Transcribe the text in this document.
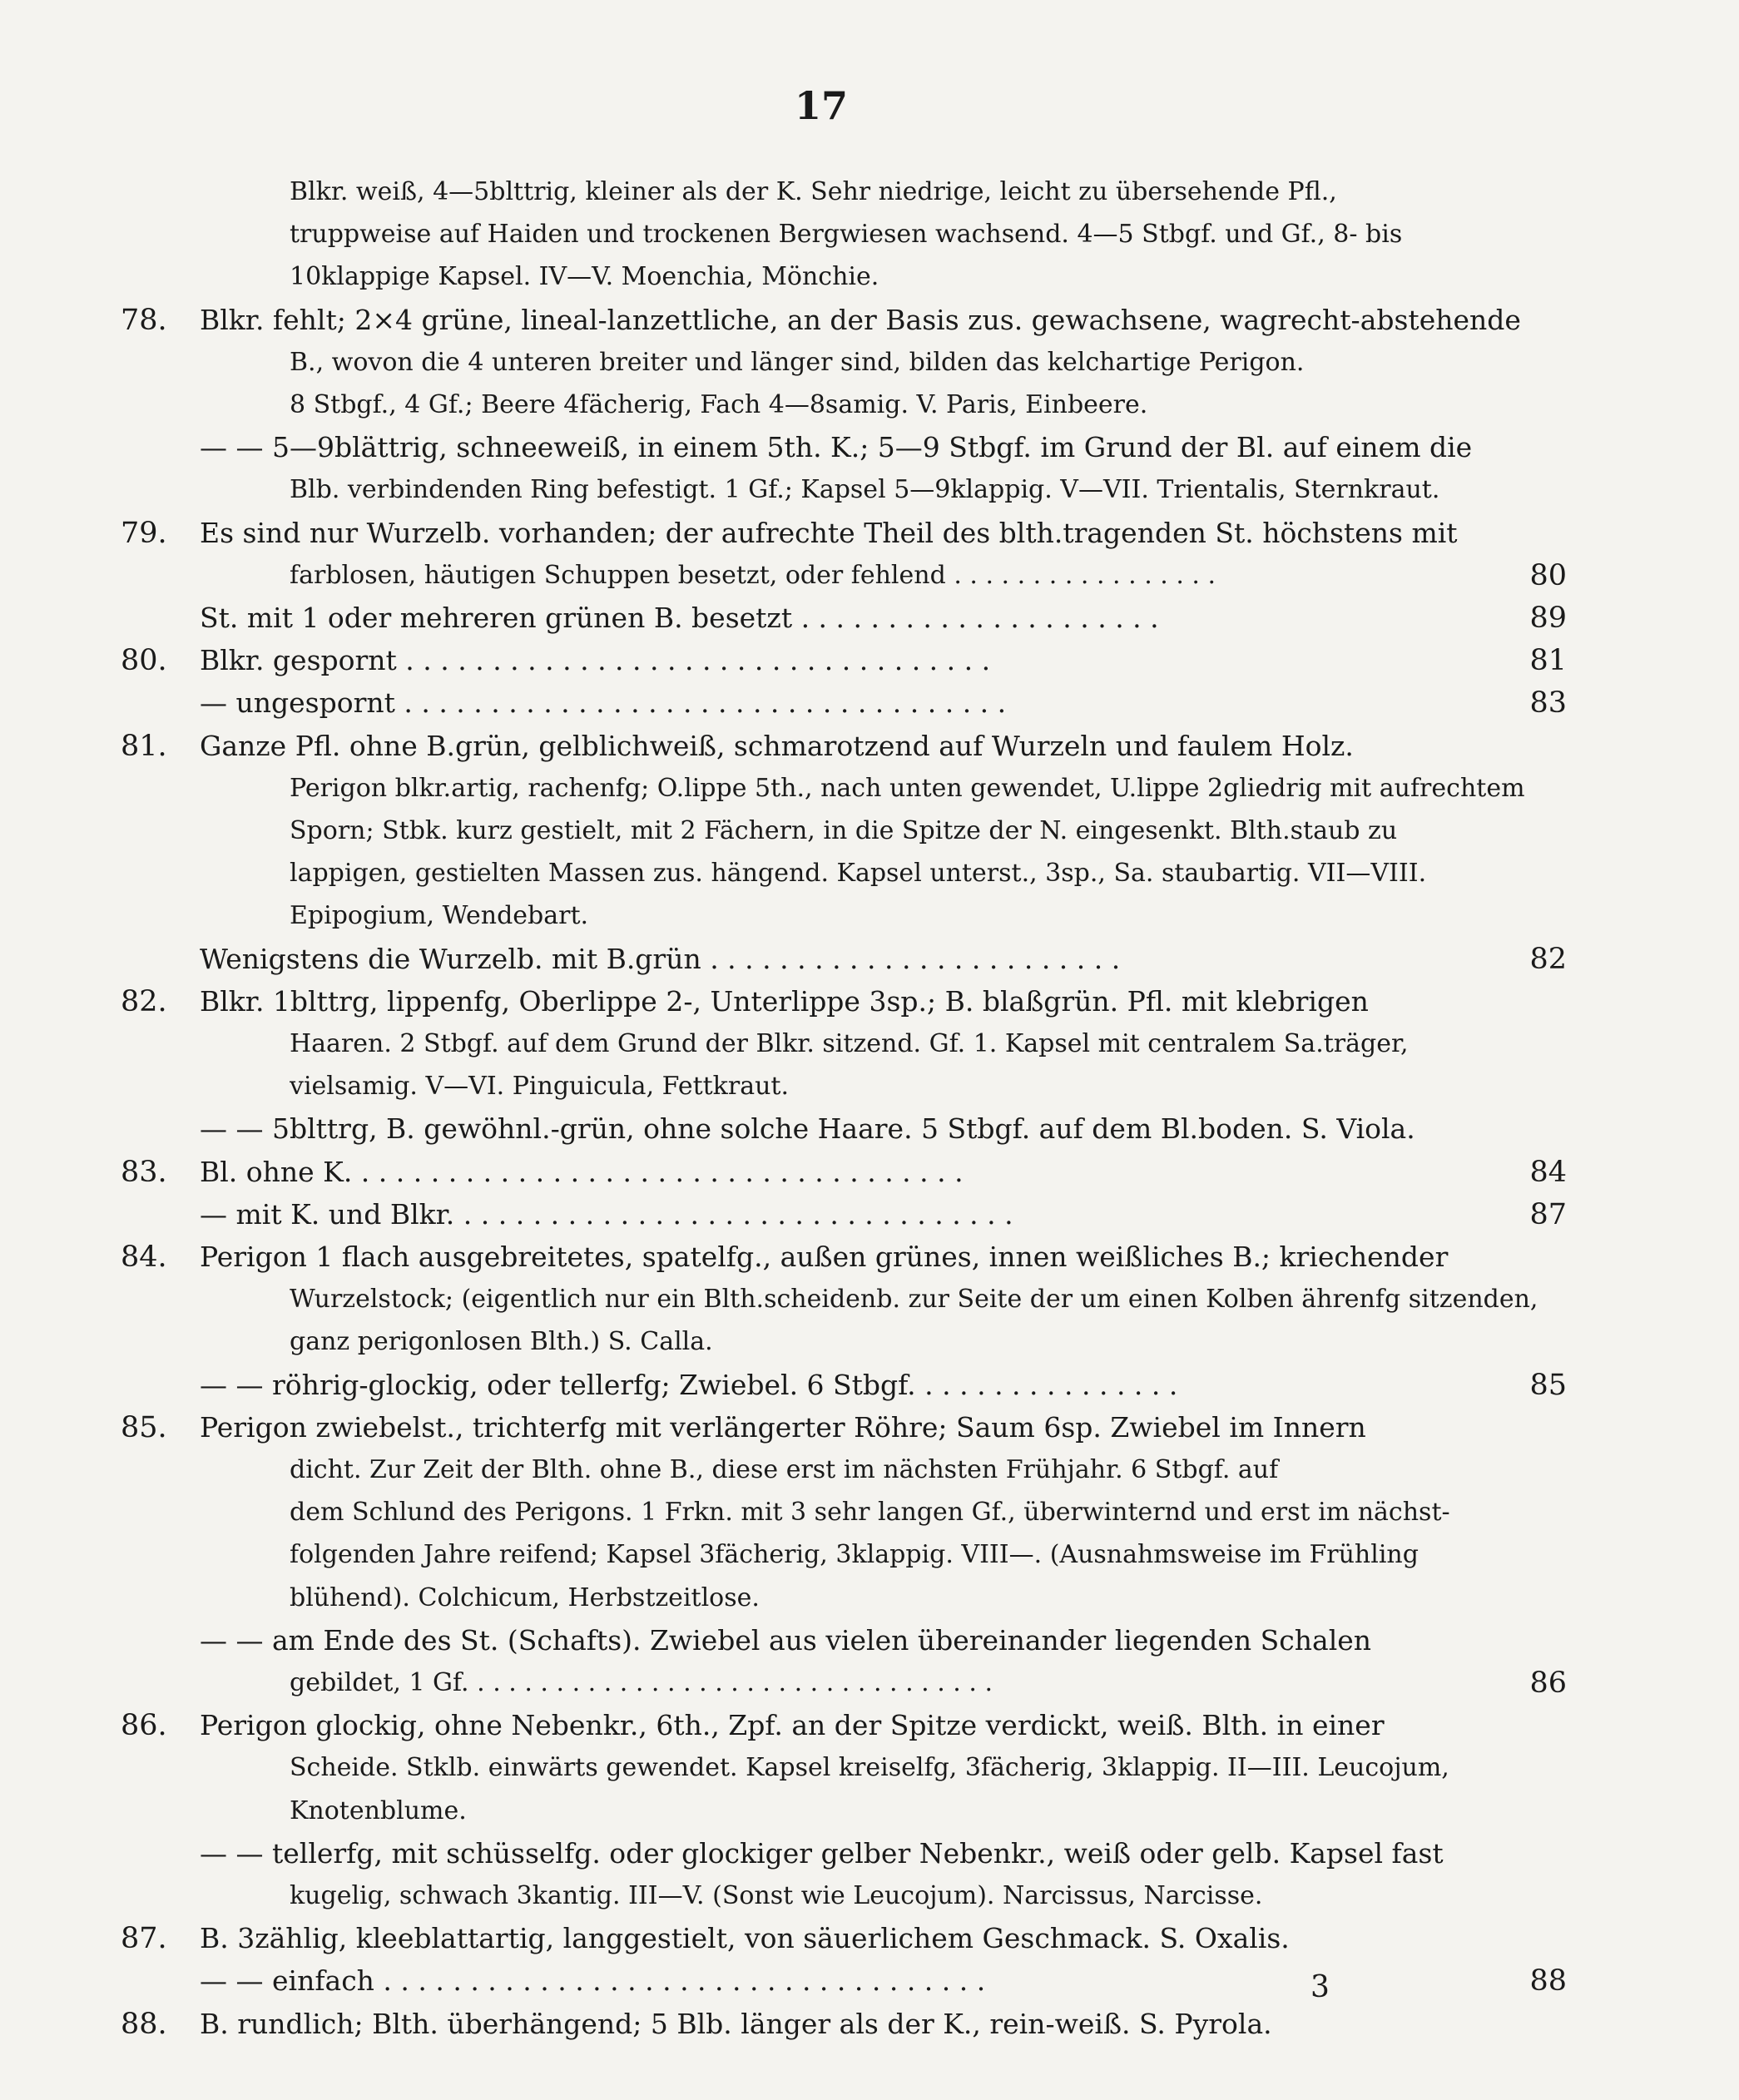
17
Blkr. weiß, 4—5blttrig, kleiner als der K. Sehr niedrige, leicht zu übersehende Pfl.,
truppweise auf Haiden und trockenen Bergwiesen wachsend. 4—5 Stbgf. und Gf., 8- bis
10klappige Kapsel. IV—V. Moenchia, Mönchie.
78. Blkr. fehlt; 2×4 grüne, lineal-lanzettliche, an der Basis zus. gewachsene, wagrecht-abstehende
B., wovon die 4 unteren breiter und länger sind, bilden das kelchartige Perigon.
8 Stbgf., 4 Gf.; Beere 4fächerig, Fach 4—8samig. V. Paris, Einbeere.
— — 5—9blättrig, schneeweiß, in einem 5th. K.; 5—9 Stbgf. im Grund der Bl. auf einem die
Blb. verbindenden Ring befestigt. 1 Gf.; Kapsel 5—9klappig. V—VII. Trientalis, Sternkraut.
79. Es sind nur Wurzelb. vorhanden; der aufrechte Theil des blth.tragenden St. höchstens mit
farblosen, häutigen Schuppen besetzt, oder fehlend . . . . . . . . . . . . . . . . .	80
St. mit 1 oder mehreren grünen B. besetzt . . . . . . . . . . . . . . . . . . . . .	89
80. Blkr. gespornt . . . . . . . . . . . . . . . . . . . . . . . . . . . . . . . . . .	81
— ungespornt . . . . . . . . . . . . . . . . . . . . . . . . . . . . . . . . . . .	83
81. Ganze Pfl. ohne B.grün, gelblichweiß, schmarotzend auf Wurzeln und faulem Holz.
Perigon blkr.artig, rachenfg; O.lippe 5th., nach unten gewendet, U.lippe 2gliedrig mit aufrechtem
Sporn; Stbk. kurz gestielt, mit 2 Fächern, in die Spitze der N. eingesenkt. Blth.staub zu
lappigen, gestielten Massen zus. hängend. Kapsel unterst., 3sp., Sa. staubartig. VII—VIII.
Epipogium, Wendebart.
Wenigstens die Wurzelb. mit B.grün . . . . . . . . . . . . . . . . . . . . . . . .	82
82. Blkr. 1blttrg, lippenfg, Oberlippe 2-, Unterlippe 3sp.; B. blaßgrün. Pfl. mit klebrigen
Haaren. 2 Stbgf. auf dem Grund der Blkr. sitzend. Gf. 1. Kapsel mit centralem Sa.träger,
vielsamig. V—VI. Pinguicula, Fettkraut.
— — 5blttrg, B. gewöhnl.-grün, ohne solche Haare. 5 Stbgf. auf dem Bl.boden. S. Viola.
83. Bl. ohne K. . . . . . . . . . . . . . . . . . . . . . . . . . . . . . . . . . . .	84
— mit K. und Blkr. . . . . . . . . . . . . . . . . . . . . . . . . . . . . . . . .	87
84. Perigon 1 flach ausgebreitetes, spatelfg., außen grünes, innen weißliches B.; kriechender
Wurzelstock; (eigentlich nur ein Blth.scheidenb. zur Seite der um einen Kolben ährenfg sitzenden,
ganz perigonlosen Blth.) S. Calla.
— — röhrig-glockig, oder tellerfg; Zwiebel. 6 Stbgf. . . . . . . . . . . . . . . .	85
85. Perigon zwiebelst., trichterfg mit verlängerter Röhre; Saum 6sp. Zwiebel im Innern
dicht. Zur Zeit der Blth. ohne B., diese erst im nächsten Frühjahr. 6 Stbgf. auf
dem Schlund des Perigons. 1 Frkn. mit 3 sehr langen Gf., überwinternd und erst im nächst-
folgenden Jahre reifend; Kapsel 3fächerig, 3klappig. VIII—. (Ausnahmsweise im Frühling
blühend). Colchicum, Herbstzeitlose.
— — am Ende des St. (Schafts). Zwiebel aus vielen übereinander liegenden Schalen
gebildet, 1 Gf. . . . . . . . . . . . . . . . . . . . . . . . . . . . . . . . . .	86
86. Perigon glockig, ohne Nebenkr., 6th., Zpf. an der Spitze verdickt, weiß. Blth. in einer
Scheide. Stklb. einwärts gewendet. Kapsel kreiselfg, 3fächerig, 3klappig. II—III. Leucojum,
Knotenblume.
— — tellerfg, mit schüsselfg. oder glockiger gelber Nebenkr., weiß oder gelb. Kapsel fast
kugelig, schwach 3kantig. III—V. (Sonst wie Leucojum). Narcissus, Narcisse.
87. B. 3zählig, kleeblattartig, langgestielt, von säuerlichem Geschmack. S. Oxalis.
— — einfach . . . . . . . . . . . . . . . . . . . . . . . . . . . . . . . . . . .	88
88. B. rundlich; Blth. überhängend; 5 Blb. länger als der K., rein-weiß. S. Pyrola.
3
